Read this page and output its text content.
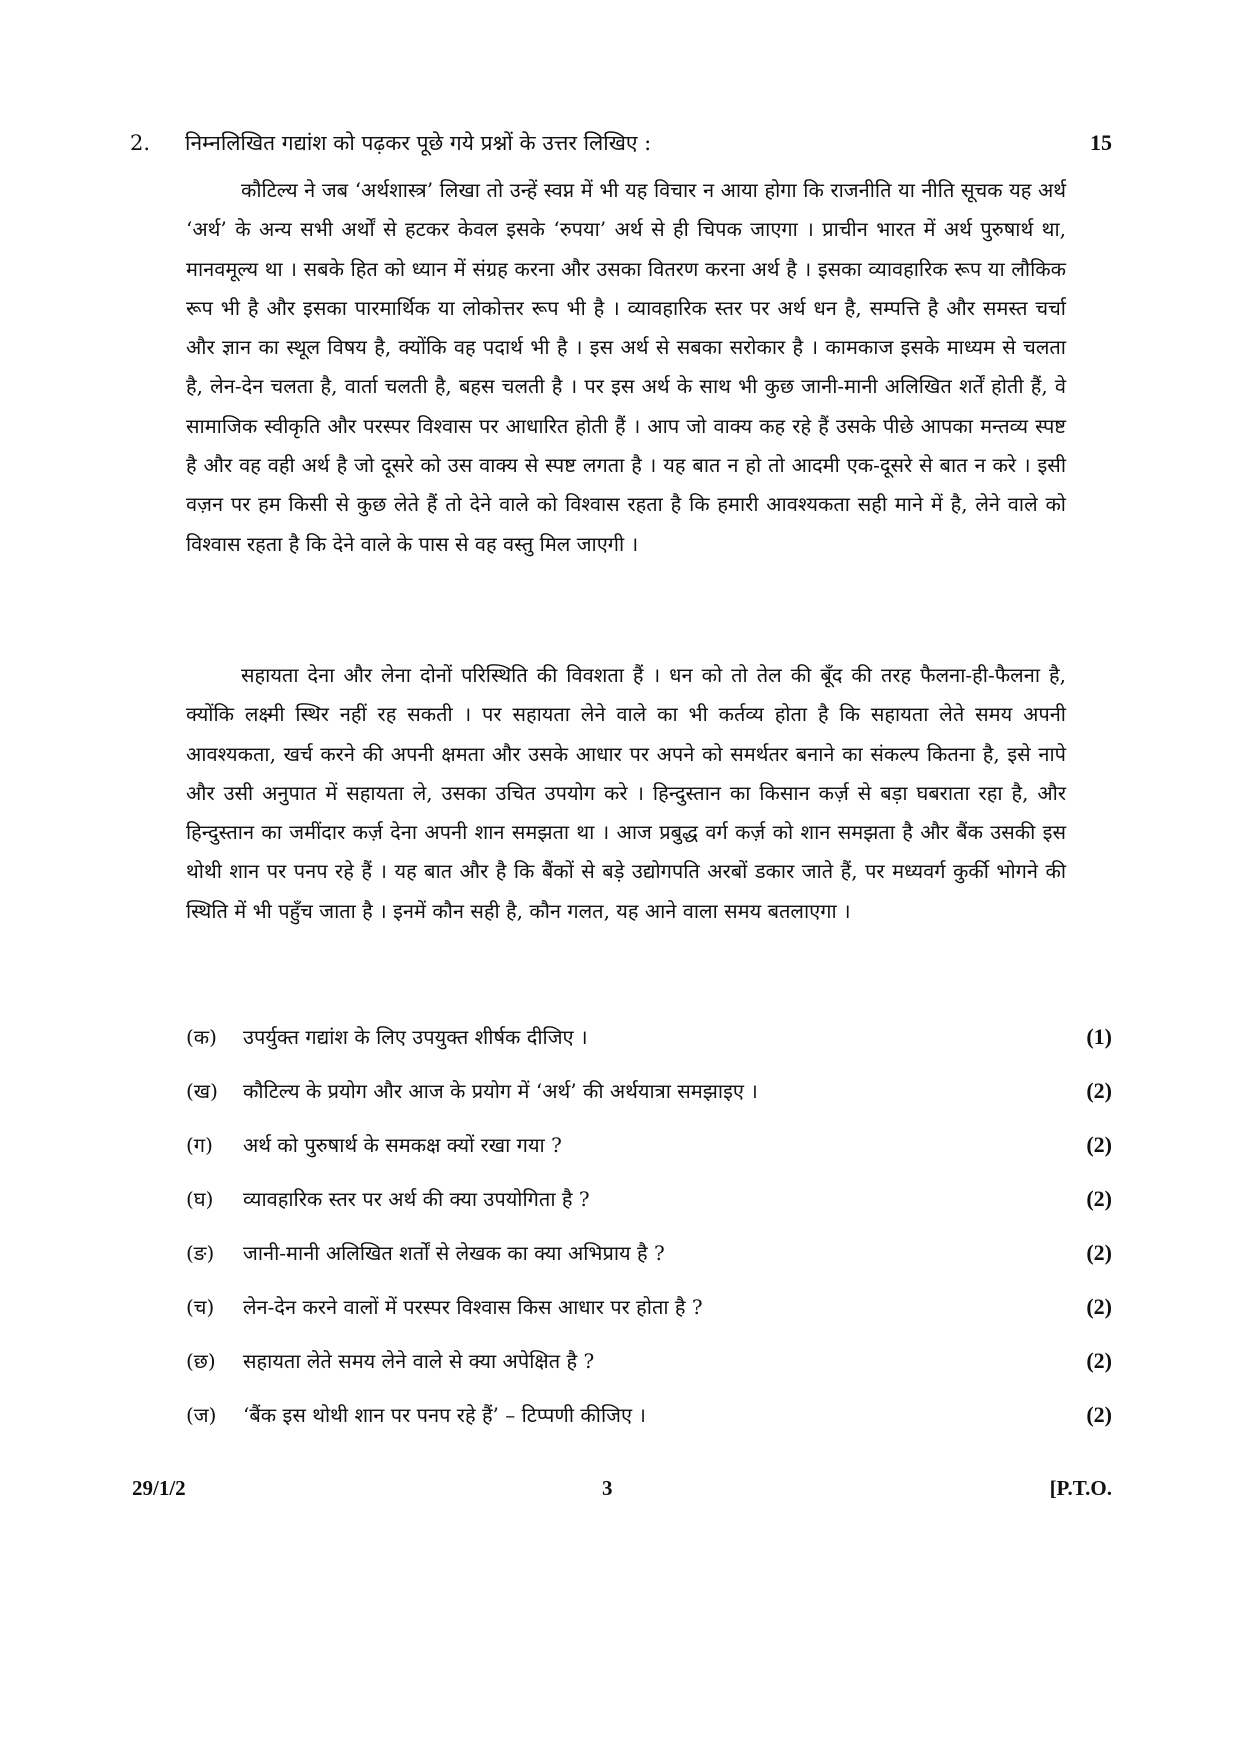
2. निम्नलिखित गद्यांश को पढ़कर पूछे गये प्रश्नों के उत्तर लिखिए :	15

कौटिल्य ने जब ‘अर्थशास्त्र’ लिखा तो उन्हें स्वप्न में भी यह विचार न आया होगा कि राजनीति या नीति सूचक यह अर्थ ‘अर्थ’ के अन्य सभी अर्थों से हटकर केवल इसके ‘रुपया’ अर्थ से ही चिपक जाएगा । प्राचीन भारत में अर्थ पुरुषार्थ था, मानवमूल्य था । सबके हित को ध्यान में संग्रह करना और उसका वितरण करना अर्थ है । इसका व्यावहारिक रूप या लौकिक रूप भी है और इसका पारमार्थिक या लोकोत्तर रूप भी है । व्यावहारिक स्तर पर अर्थ धन है, सम्पत्ति है और समस्त चर्चा और ज्ञान का स्थूल विषय है, क्योंकि वह पदार्थ भी है । इस अर्थ से सबका सरोकार है । कामकाज इसके माध्यम से चलता है, लेन-देन चलता है, वार्ता चलती है, बहस चलती है । पर इस अर्थ के साथ भी कुछ जानी-मानी अलिखित शर्तें होती हैं, वे सामाजिक स्वीकृति और परस्पर विश्वास पर आधारित होती हैं । आप जो वाक्य कह रहे हैं उसके पीछे आपका मन्तव्य स्पष्ट है और वह वही अर्थ है जो दूसरे को उस वाक्य से स्पष्ट लगता है । यह बात न हो तो आदमी एक-दूसरे से बात न करे । इसी वज़न पर हम किसी से कुछ लेते हैं तो देने वाले को विश्वास रहता है कि हमारी आवश्यकता सही माने में है, लेने वाले को विश्वास रहता है कि देने वाले के पास से वह वस्तु मिल जाएगी ।

सहायता देना और लेना दोनों परिस्थिति की विवशता हैं । धन को तो तेल की बूँद की तरह फैलना-ही-फैलना है, क्योंकि लक्ष्मी स्थिर नहीं रह सकती । पर सहायता लेने वाले का भी कर्तव्य होता है कि सहायता लेते समय अपनी आवश्यकता, खर्च करने की अपनी क्षमता और उसके आधार पर अपने को समर्थतर बनाने का संकल्प कितना है, इसे नापे और उसी अनुपात में सहायता ले, उसका उचित उपयोग करे । हिन्दुस्तान का किसान कर्ज़ से बड़ा घबराता रहा है, और हिन्दुस्तान का जमींदार कर्ज़ देना अपनी शान समझता था । आज प्रबुद्ध वर्ग कर्ज़ को शान समझता है और बैंक उसकी इस थोथी शान पर पनप रहे हैं । यह बात और है कि बैंकों से बड़े उद्योगपति अरबों डकार जाते हैं, पर मध्यवर्ग कुर्की भोगने की स्थिति में भी पहुँच जाता है । इनमें कौन सही है, कौन गलत, यह आने वाला समय बतलाएगा ।

(क) उपर्युक्त गद्यांश के लिए उपयुक्त शीर्षक दीजिए ।	(1)
(ख) कौटिल्य के प्रयोग और आज के प्रयोग में ‘अर्थ’ की अर्थयात्रा समझाइए ।	(2)
(ग) अर्थ को पुरुषार्थ के समकक्ष क्यों रखा गया ?	(2)
(घ) व्यावहारिक स्तर पर अर्थ की क्या उपयोगिता है ?	(2)
(ङ) जानी-मानी अलिखित शर्तों से लेखक का क्या अभिप्राय है ?	(2)
(च) लेन-देन करने वालों में परस्पर विश्वास किस आधार पर होता है ?	(2)
(छ) सहायता लेते समय लेने वाले से क्या अपेक्षित है ?	(2)
(ज) ‘बैंक इस थोथी शान पर पनप रहे हैं’ – टिप्पणी कीजिए ।	(2)
29/1/2	3	[P.T.O.
